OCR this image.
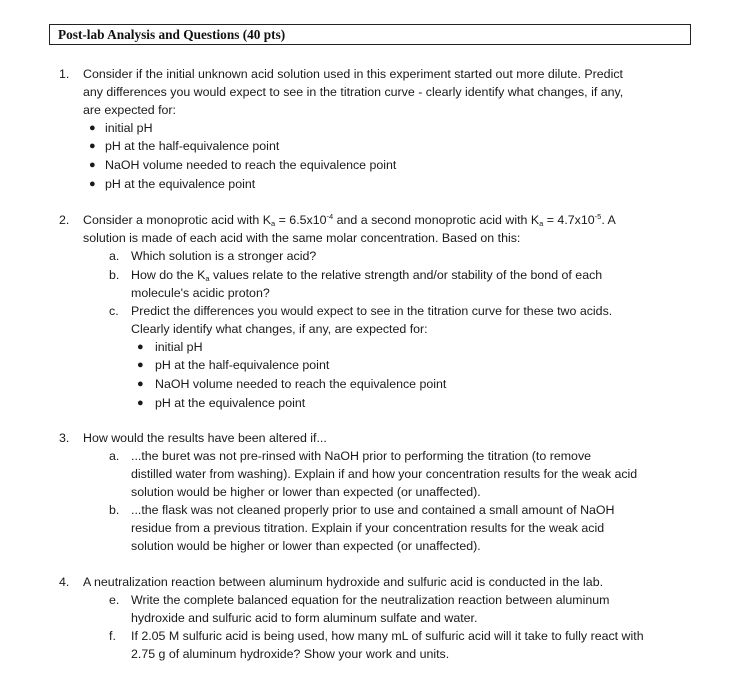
Post-lab Analysis and Questions (40 pts)
1. Consider if the initial unknown acid solution used in this experiment started out more dilute. Predict
any differences you would expect to see in the titration curve - clearly identify what changes, if any,
are expected for:
● initial pH
● pH at the half-equivalence point
● NaOH volume needed to reach the equivalence point
● pH at the equivalence point
2. Consider a monoprotic acid with $K_a = 6.5x10^{-4}$ and a second monoprotic acid with $K_a = 4.7x10^{-5}$. A
solution is made of each acid with the same molar concentration. Based on this:
a. Which solution is a stronger acid?
b. How do the $K_a$ values relate to the relative strength and/or stability of the bond of each
molecule's acidic proton?
c. Predict the differences you would expect to see in the titration curve for these two acids.
Clearly identify what changes, if any, are expected for:
● initial pH
● pH at the half-equivalence point
● NaOH volume needed to reach the equivalence point
● pH at the equivalence point
3. How would the results have been altered if...
a. ...the buret was not pre-rinsed with NaOH prior to performing the titration (to remove
distilled water from washing). Explain if and how your concentration results for the weak acid
solution would be higher or lower than expected (or unaffected).
b. ...the flask was not cleaned properly prior to use and contained a small amount of NaOH
residue from a previous titration. Explain if your concentration results for the weak acid
solution would be higher or lower than expected (or unaffected).
4. A neutralization reaction between aluminum hydroxide and sulfuric acid is conducted in the lab.
e. Write the complete balanced equation for the neutralization reaction between aluminum
hydroxide and sulfuric acid to form aluminum sulfate and water.
f. If 2.05 M sulfuric acid is being used, how many mL of sulfuric acid will it take to fully react with
2.75 g of aluminum hydroxide? Show your work and units.
